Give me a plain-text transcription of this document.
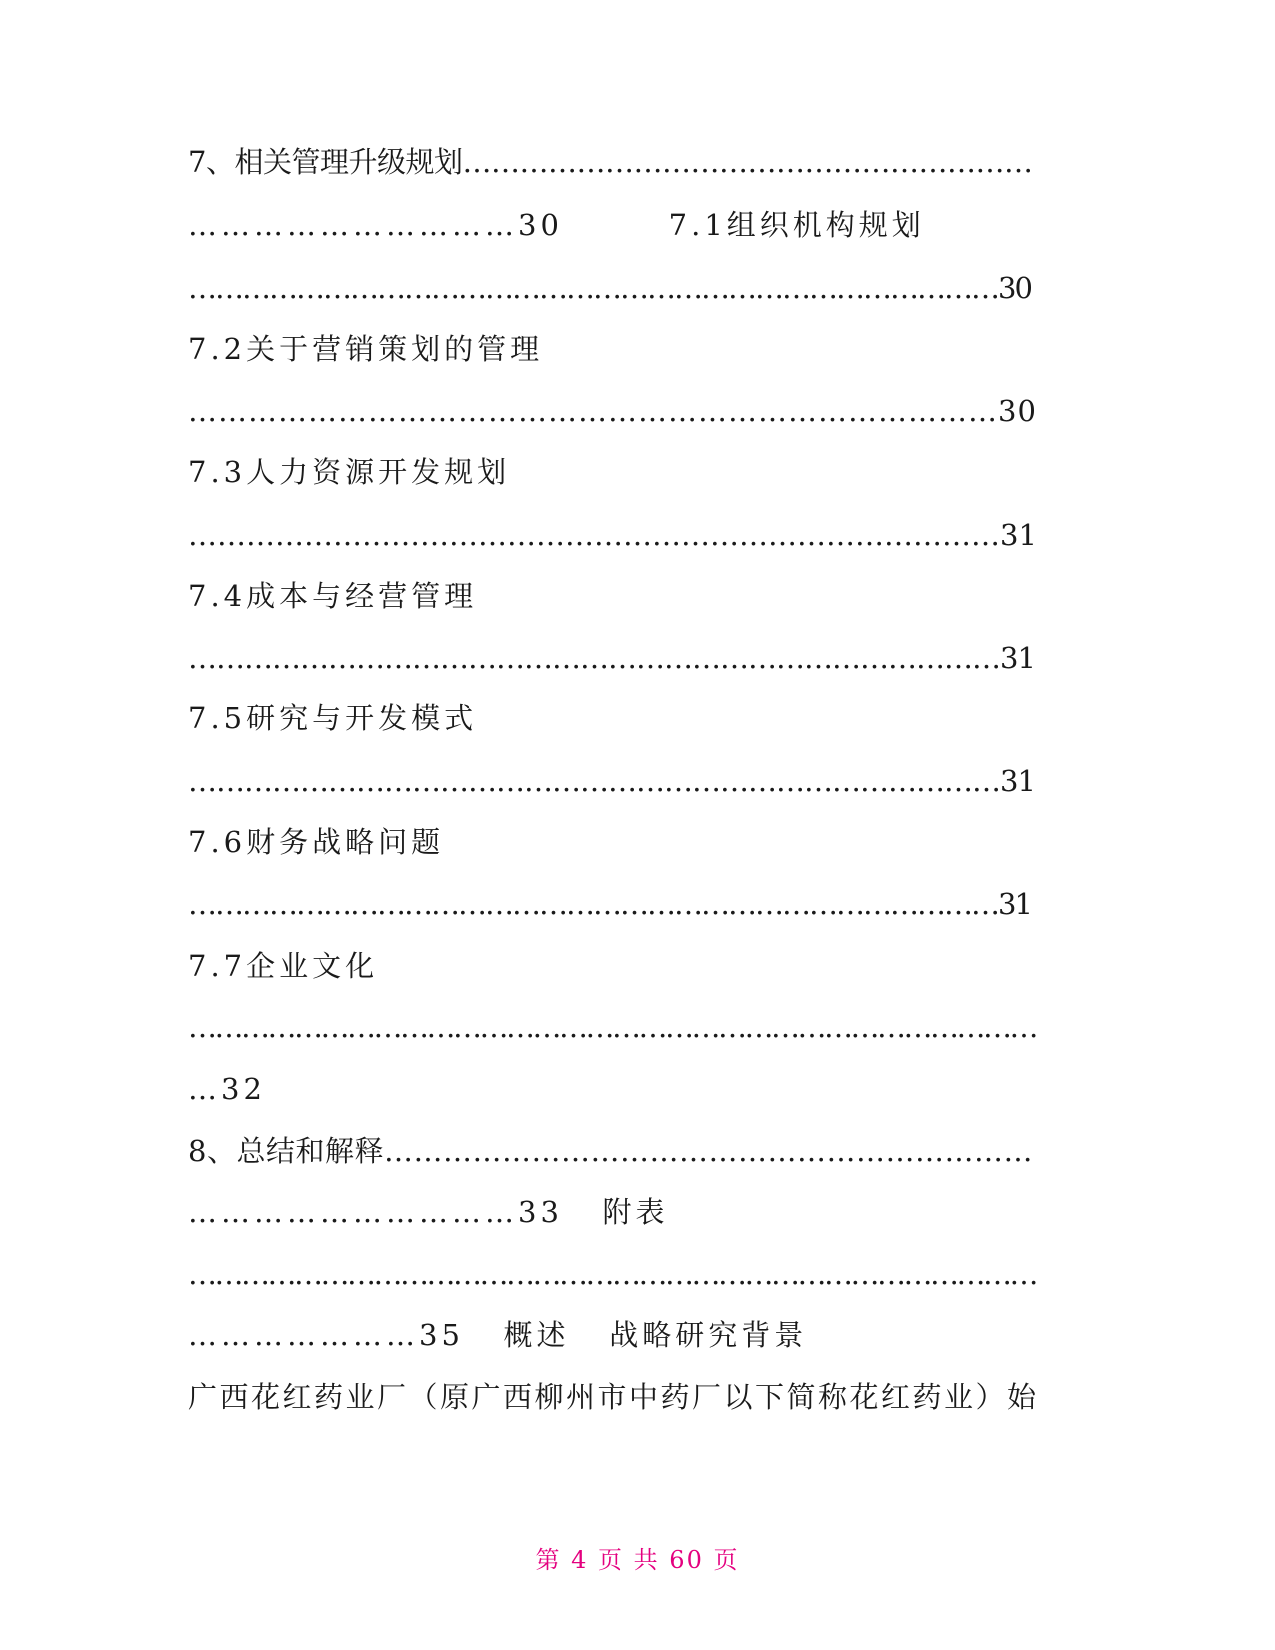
7、相关管理升级规划……………………………………………………
…………………………30        7.1组织机构规划
………………………………………………………………………………30
7.2关于营销策划的管理
………………………………………………………………………30
7.3人力资源开发规划
…………………………………………………………………………31
7.4成本与经营管理
……………………………………………………………………………31
7.5研究与开发模式
……………………………………………………………………………31
7.6财务战略问题
………………………………………………………………………………31
7.7企业文化
……………………………………………………………………………………
…32
8、总结和解释…………………………………………………………
…………………………33   附表
……………………………………………………………………………………
…………………35   概述   战略研究背景
广西花红药业厂（原广西柳州市中药厂以下简称花红药业）始
第 4 页 共 60 页
